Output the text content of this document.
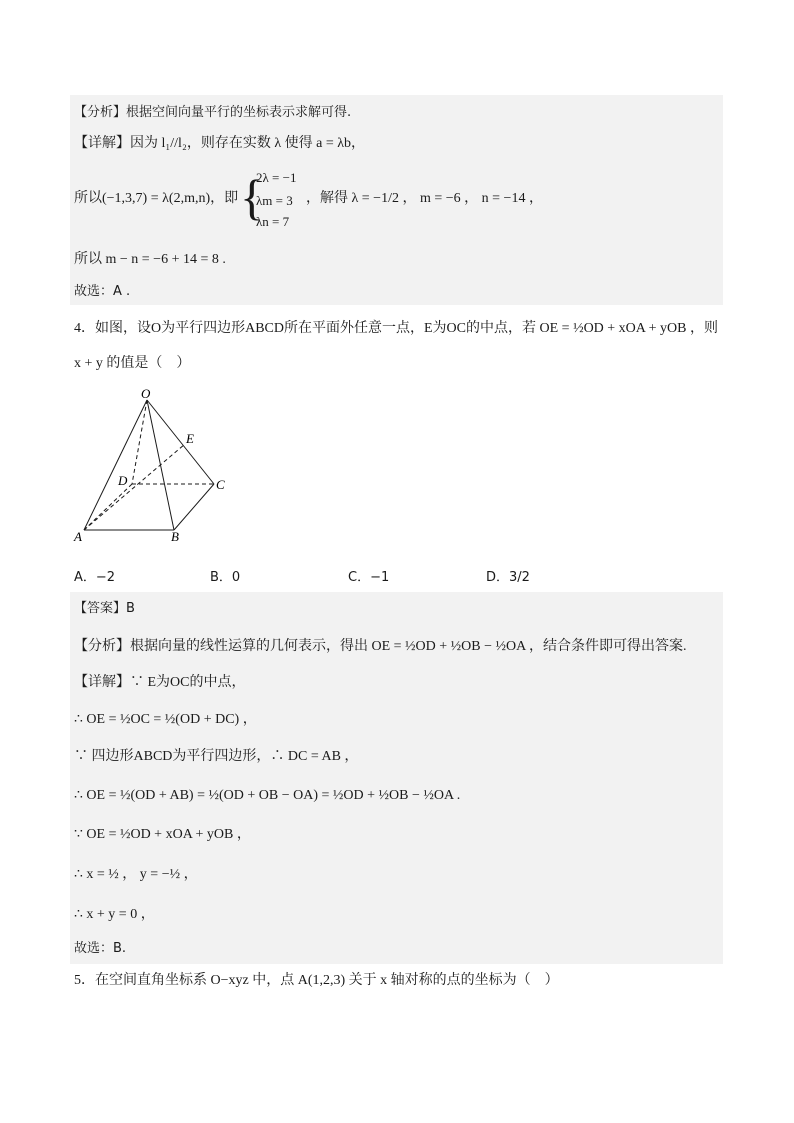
【分析】根据空间向量平行的坐标表示求解可得.
【详解】因为 l₁//l₂，则存在实数 λ 使得 a = λb，
所以(−1,3,7) = λ(2,m,n)，即 {
2λ = −1
λm = 3
λn = 7
，解得 λ = −1/2 ， m = −6 ， n = −14 ，
所以 m − n = −6 + 14 = 8 .
故选：A .
4．如图，设O为平行四边形ABCD所在平面外任意一点，E为OC的中点，若 OE = ½OD + xOA + yOB ，则
x + y 的值是（　）
O
E
D	C
A	B
A．−2	B．0	C．−1	D．3/2
【答案】B
【分析】根据向量的线性运算的几何表示，得出 OE = ½OD + ½OB − ½OA ，结合条件即可得出答案.
【详解】∵ E为OC的中点，
∴ OE = ½OC = ½(OD + DC) ，
∵ 四边形ABCD为平行四边形，∴ DC = AB ，
∴ OE = ½(OD + AB) = ½(OD + OB − OA) = ½OD + ½OB − ½OA .
∵ OE = ½OD + xOA + yOB ，
∴ x = ½ ， y = −½ ，
∴ x + y = 0 ，
故选：B.
5．在空间直角坐标系 O−xyz 中，点 A(1,2,3) 关于 x 轴对称的点的坐标为（　）
